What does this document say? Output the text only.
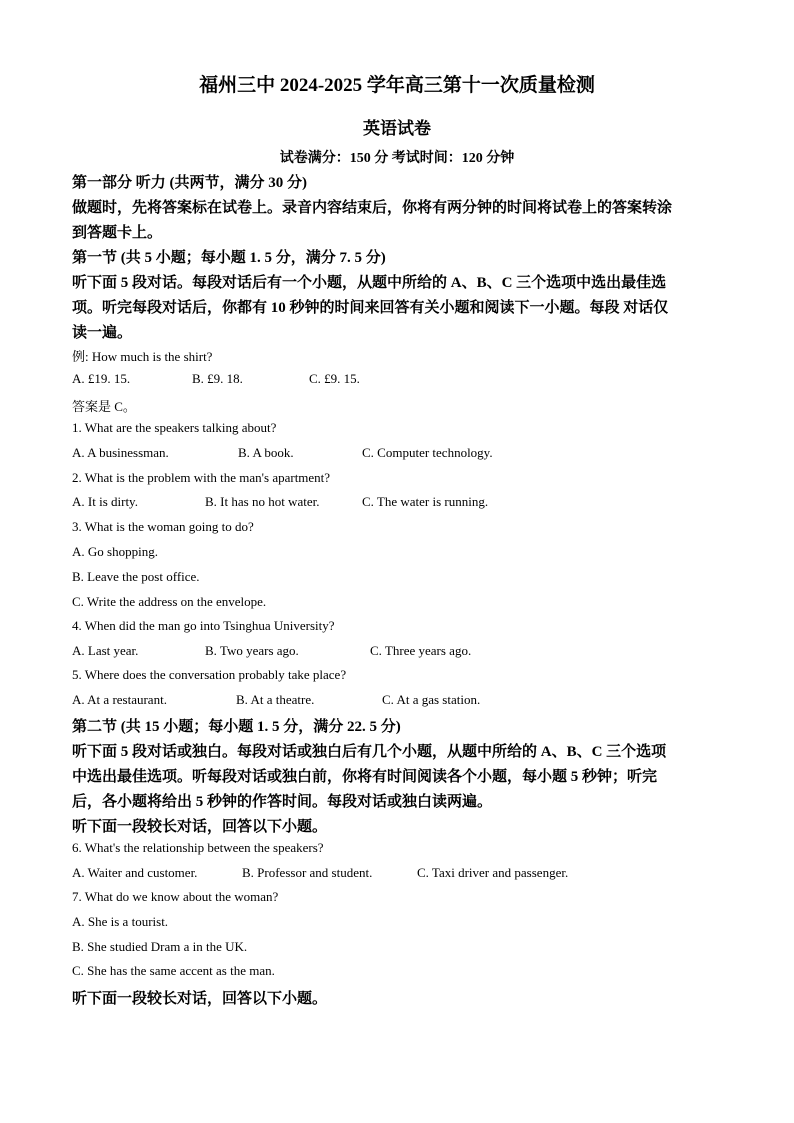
福州三中 2024-2025 学年高三第十一次质量检测
英语试卷
试卷满分：150 分 考试时间：120 分钟
第一部分 听力 (共两节，满分 30 分)
做题时，先将答案标在试卷上。录音内容结束后，你将有两分钟的时间将试卷上的答案转涂
到答题卡上。
第一节 (共 5 小题；每小题 1. 5 分，满分 7. 5 分)
听下面 5 段对话。每段对话后有一个小题，从题中所给的 A、B、C 三个选项中选出最佳选
项。听完每段对话后，你都有 10 秒钟的时间来回答有关小题和阅读下一小题。每段 对话仅
读一遍。
例: How much is the shirt?
A. £19. 15.	B. £9. 18.	C. £9. 15.
答案是 C。
1. What are the speakers talking about?
A. A businessman.	B. A book.	C. Computer technology.
2. What is the problem with the man's apartment?
A. It is dirty.	B. It has no hot water.	C. The water is running.
3. What is the woman going to do?
A. Go shopping.
B. Leave the post office.
C. Write the address on the envelope.
4. When did the man go into Tsinghua University?
A. Last year.	B. Two years ago.	C. Three years ago.
5. Where does the conversation probably take place?
A. At a restaurant.	B. At a theatre.	C. At a gas station.
第二节 (共 15 小题；每小题 1. 5 分，满分 22. 5 分)
听下面 5 段对话或独白。每段对话或独白后有几个小题，从题中所给的 A、B、C 三个选项
中选出最佳选项。听每段对话或独白前，你将有时间阅读各个小题，每小题 5 秒钟；听完
后，各小题将给出 5 秒钟的作答时间。每段对话或独白读两遍。
听下面一段较长对话，回答以下小题。
6. What's the relationship between the speakers?
A. Waiter and customer.	B. Professor and student.	C. Taxi driver and passenger.
7. What do we know about the woman?
A. She is a tourist.
B. She studied Dram a in the UK.
C. She has the same accent as the man.
听下面一段较长对话，回答以下小题。
